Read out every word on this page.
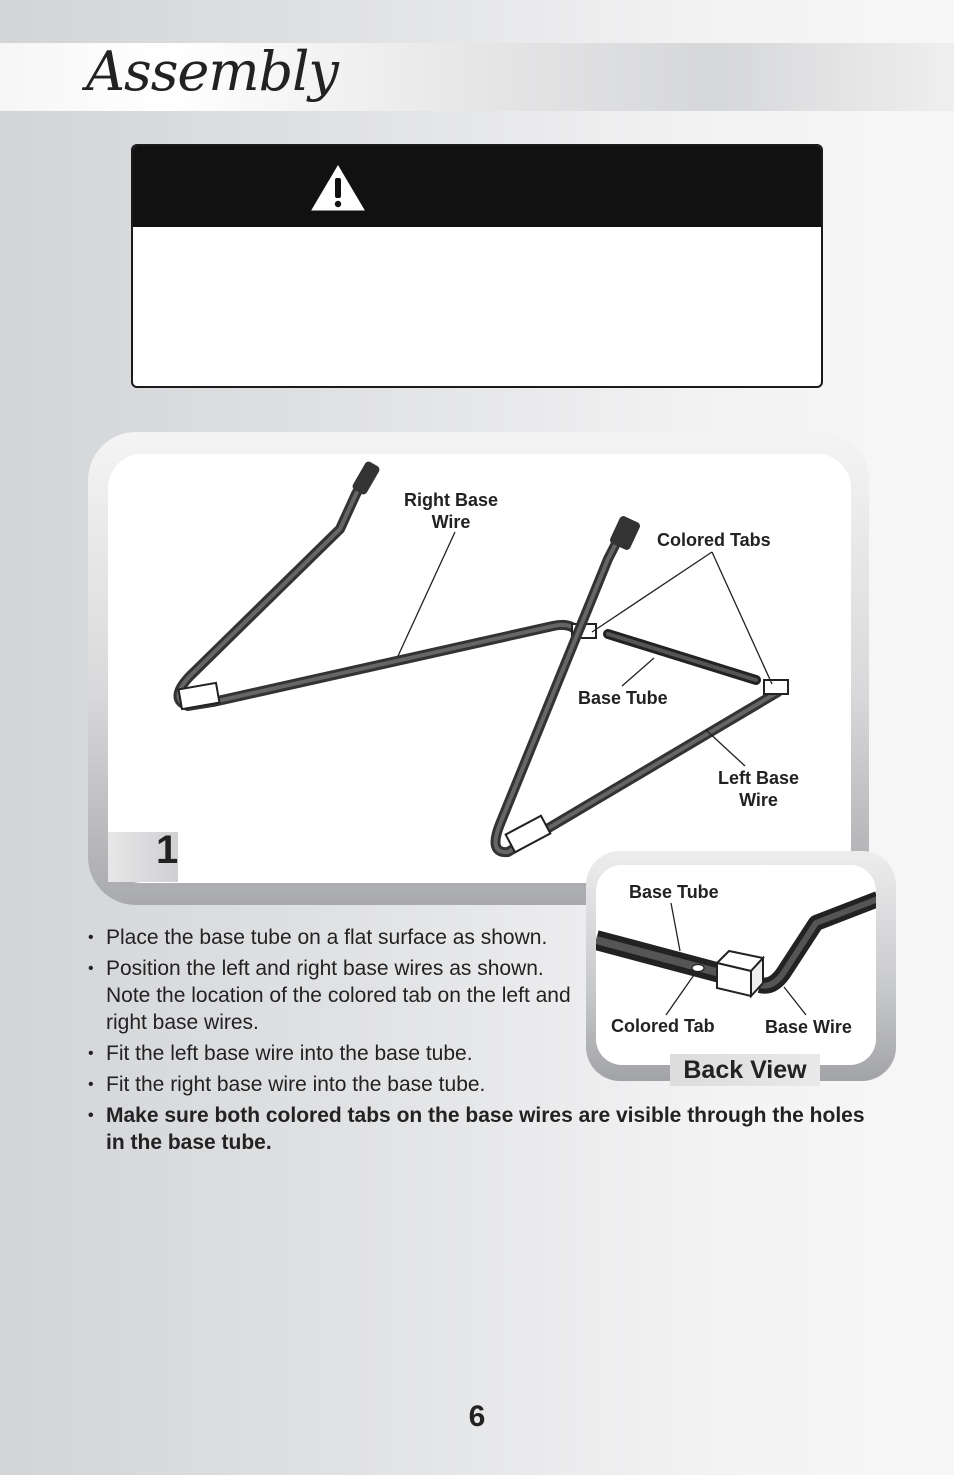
Assembly
Right Base
Wire
Colored Tabs
Base Tube
Left Base
Wire
1
Base Tube
Colored Tab	Base Wire
Back View
• Place the base tube on a flat surface as shown.
• Position the left and right base wires as shown. Note the location of the colored tab on the left and right base wires.
• Fit the left base wire into the base tube.
• Fit the right base wire into the base tube.
• Make sure both colored tabs on the base wires are visible through the holes in the base tube.
6
